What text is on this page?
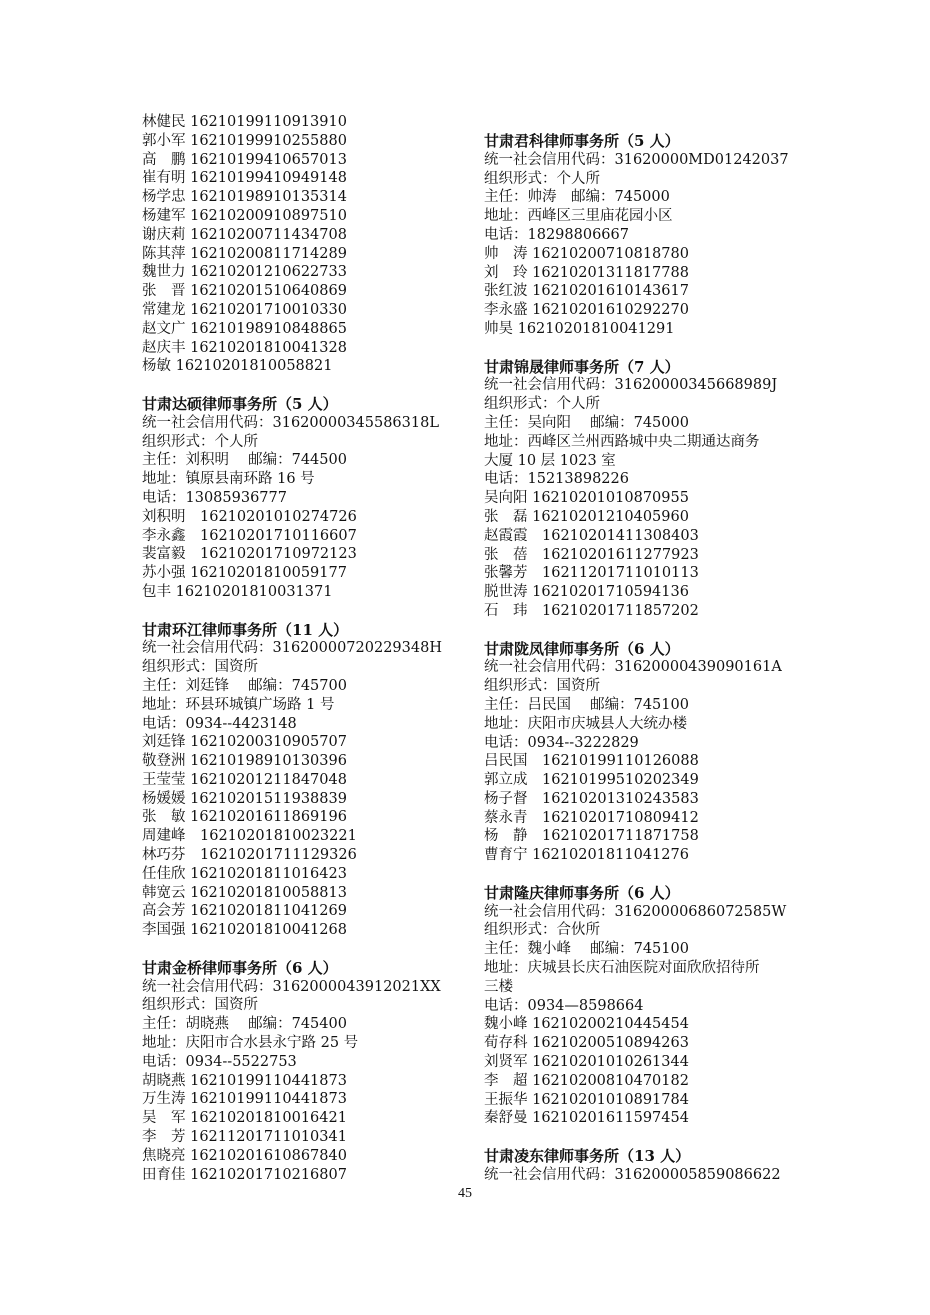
林健民 16210199110913910
郭小军 16210199910255880
高　鹏 16210199410657013
崔有明 16210199410949148
杨学忠 16210198910135314
杨建军 16210200910897510
谢庆莉 16210200711434708
陈其萍 16210200811714289
魏世力 16210201210622733
张　晋 16210201510640869
常建龙 16210201710010330
赵文广 16210198910848865
赵庆丰 16210201810041328
杨敏 16210201810058821
甘肃达硕律师事务所（5 人）
统一社会信用代码：31620000345586318L
组织形式：个人所
主任：刘积明　 邮编：744500
地址：镇原县南环路 16 号
电话：13085936777
刘积明　16210201010274726
李永鑫　16210201710116607
裴富毅　16210201710972123
苏小强 16210201810059177
包丰 16210201810031371
甘肃环江律师事务所（11 人）
统一社会信用代码：31620000720229348H
组织形式：国资所
主任：刘廷锋　 邮编：745700
地址：环县环城镇广场路 1 号
电话：0934--4423148
刘廷锋 16210200310905707
敬登洲 16210198910130396
王莹莹 16210201211847048
杨媛媛 16210201511938839
张　敏 16210201611869196
周建峰　16210201810023221
林巧芬　16210201711129326
任佳欣 16210201811016423
韩宽云 16210201810058813
高会芳 16210201811041269
李国强 16210201810041268
甘肃金桥律师事务所（6 人）
统一社会信用代码：3162000043912021XX
组织形式：国资所
主任：胡晓燕　 邮编：745400
地址：庆阳市合水县永宁路 25 号
电话：0934--5522753
胡晓燕 16210199110441873
万生涛 16210199110441873
吴　军 16210201810016421
李　芳 16211201711010341
焦晓亮 16210201610867840
田育佳 16210201710216807
甘肃君科律师事务所（5 人）
统一社会信用代码：31620000MD01242037
组织形式：个人所
主任：帅涛　邮编：745000
地址：西峰区三里庙花园小区
电话：18298806667
帅　涛 16210200710818780
刘　玲 16210201311817788
张红波 16210201610143617
李永盛 16210201610292270
帅昊 16210201810041291
甘肃锦晟律师事务所（7 人）
统一社会信用代码：31620000345668989J
组织形式：个人所
主任：吴向阳　 邮编：745000
地址：西峰区兰州西路城中央二期通达商务
大厦 10 层 1023 室
电话：15213898226
吴向阳 16210201010870955
张　磊 16210201210405960
赵霞霞　16210201411308403
张　蓓　16210201611277923
张馨芳　16211201711010113
脱世涛 16210201710594136
石　玮　16210201711857202
甘肃陇凤律师事务所（6 人）
统一社会信用代码：31620000439090161A
组织形式：国资所
主任：吕民国　 邮编：745100
地址：庆阳市庆城县人大统办楼
电话：0934--3222829
吕民国　16210199110126088
郭立成　16210199510202349
杨子督　16210201310243583
蔡永青　16210201710809412
杨　静　16210201711871758
曹育宁 16210201811041276
甘肃隆庆律师事务所（6 人）
统一社会信用代码：31620000686072585W
组织形式：合伙所
主任：魏小峰　 邮编：745100
地址：庆城县长庆石油医院对面欣欣招待所
三楼
电话：0934—8598664
魏小峰 16210200210445454
荀存科 16210200510894263
刘贤军 16210201010261344
李　超 16210200810470182
王振华 16210201010891784
秦舒曼 16210201611597454
甘肃凌东律师事务所（13 人）
统一社会信用代码：316200005859086622
45
